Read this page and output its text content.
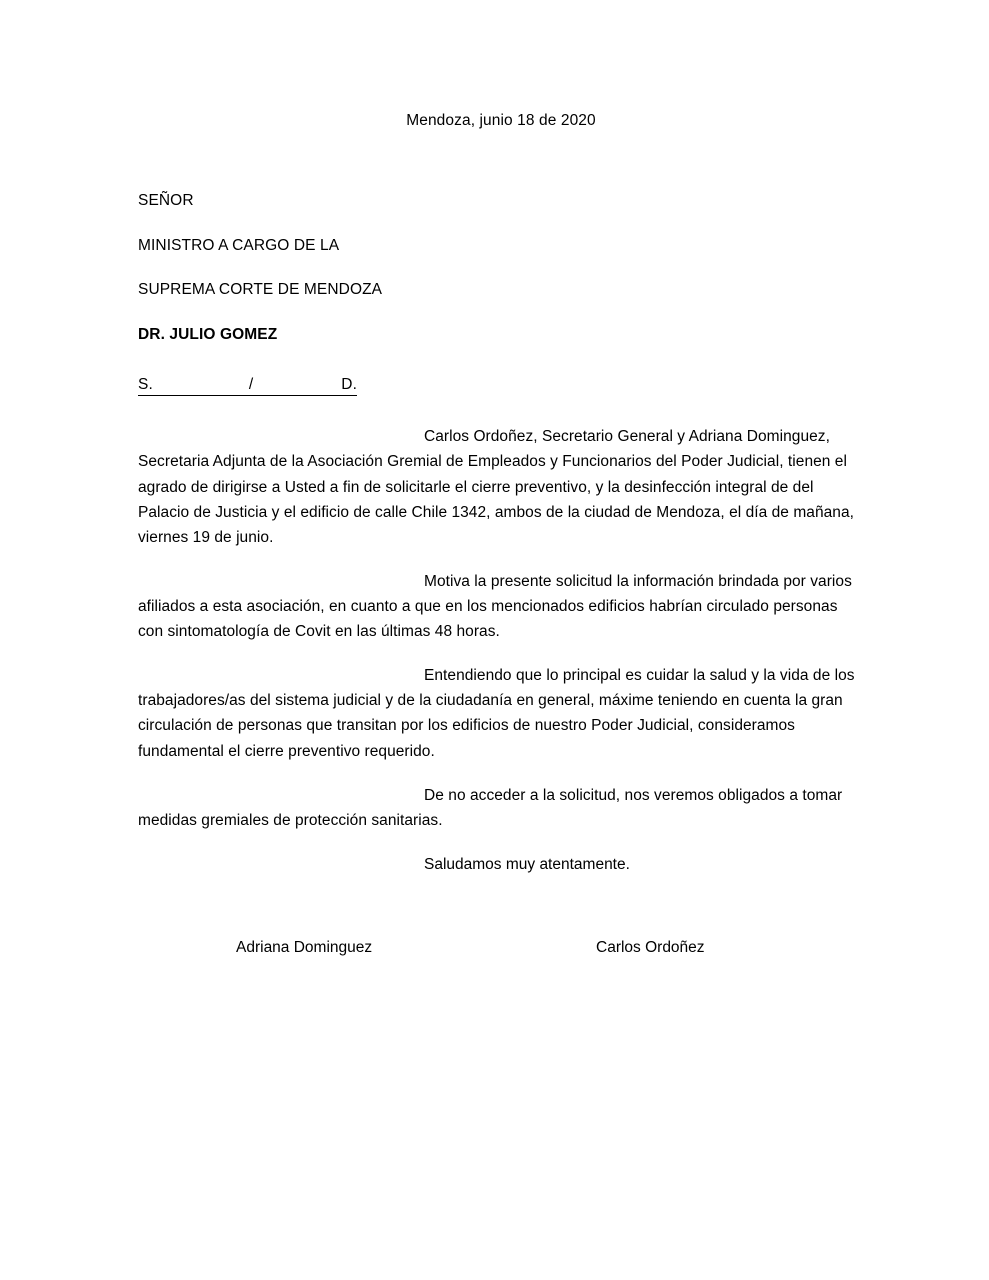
Mendoza, junio 18 de 2020

SEÑOR

MINISTRO A CARGO DE LA

SUPREMA CORTE DE MENDOZA

DR. JULIO GOMEZ

S.	/	D.

Carlos Ordoñez, Secretario General y Adriana Dominguez, Secretaria Adjunta de la Asociación Gremial de Empleados y Funcionarios del Poder Judicial, tienen el agrado de dirigirse a Usted a fin de solicitarle el cierre preventivo, y la desinfección integral de del Palacio de Justicia y el edificio de calle Chile 1342, ambos de la ciudad de Mendoza, el día de mañana, viernes 19 de junio.

Motiva la presente solicitud la información brindada por varios afiliados a esta asociación, en cuanto a que en los mencionados edificios habrían circulado personas con sintomatología de Covit en las últimas 48 horas.

Entendiendo que lo principal es cuidar la salud y la vida de los trabajadores/as del sistema judicial y de la ciudadanía en general, máxime teniendo en cuenta la gran circulación de personas que transitan por los edificios de nuestro Poder Judicial, consideramos fundamental el cierre preventivo requerido.

De no acceder a la solicitud, nos veremos obligados a tomar medidas gremiales de protección sanitarias.

Saludamos muy atentamente.

Adriana Dominguez	Carlos Ordoñez
